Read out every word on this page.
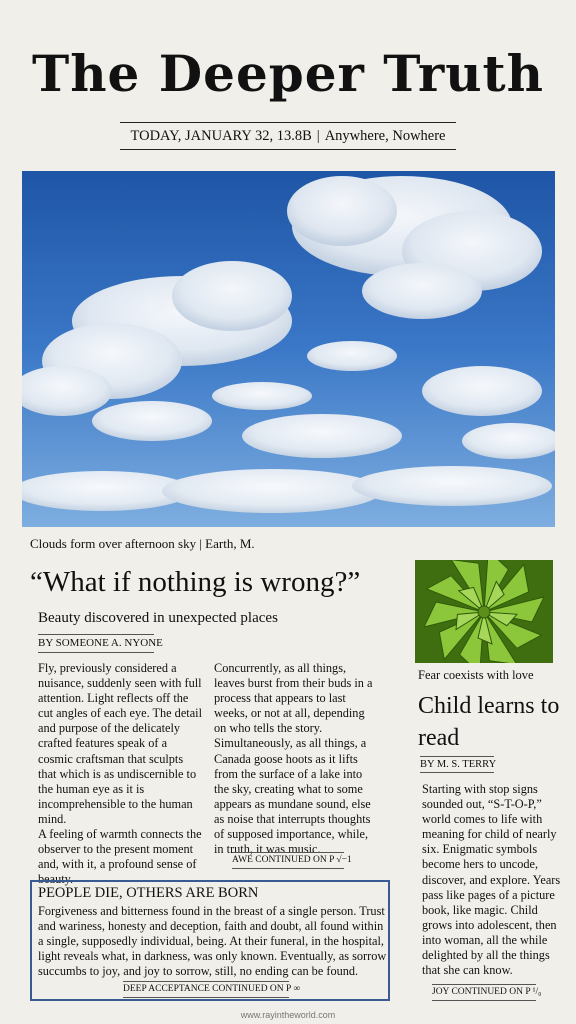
The Deeper Truth
TODAY, JANUARY 32, 13.8B | Anywhere, Nowhere
Clouds form over afternoon sky | Earth, M.
“What if nothing is wrong?”
Beauty discovered in unexpected places
BY SOMEONE A. NYONE
Fly, previously considered a nuisance, suddenly seen with full attention. Light reflects off the cut angles of each eye. The detail and purpose of the delicately crafted features speak of a cosmic craftsman that sculpts that which is as undiscernible to the human eye as it is incomprehensible to the human mind.
A feeling of warmth connects the observer to the present moment and, with it, a profound sense of beauty.
Concurrently, as all things, leaves burst from their buds in a process that appears to last weeks, or not at all, depending on who tells the story. Simultaneously, as all things, a Canada goose hoots as it lifts from the surface of a lake into the sky, creating what to some appears as mundane sound, else as noise that interrupts thoughts of supposed importance, while, in truth, it was music.
AWE CONTINUED ON P √−1
Fear coexists with love
Child learns to read
BY M. S. TERRY
Starting with stop signs sounded out, “S-T-O-P,” world comes to life with meaning for child of nearly six. Enigmatic symbols become hers to uncode, discover, and explore. Years pass like pages of a picture book, like magic. Child grows into adolescent, then into woman, all the while delighted by all the things that she can know.
JOY CONTINUED ON P ¹/₀
PEOPLE DIE, OTHERS ARE BORN
Forgiveness and bitterness found in the breast of a single person. Trust and wariness, honesty and deception, faith and doubt, all found within a single, supposedly individual, being. At their funeral, in the hospital, light reveals what, in darkness, was only known. Eventually, as sorrow succumbs to joy, and joy to sorrow, still, no ending can be found.
DEEP ACCEPTANCE CONTINUED ON P ∞
www.rayintheworld.com
